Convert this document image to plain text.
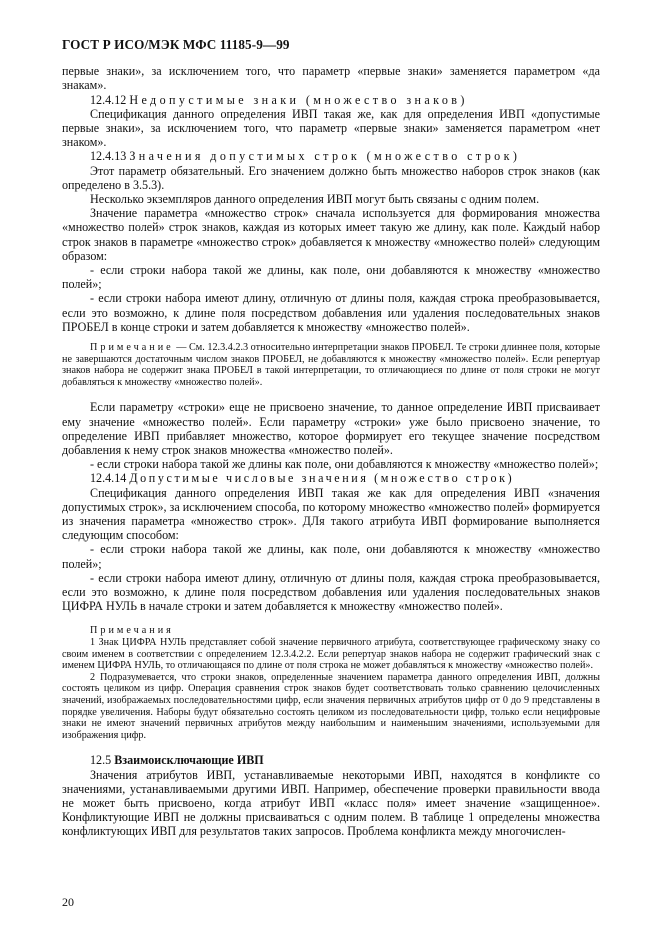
ГОСТ Р ИСО/МЭК МФС 11185-9—99

первые знаки», за исключением того, что параметр «первые знаки» заменяется параметром «да знакам».

12.4.12 Недопустимые знаки (множество знаков)

Спецификация данного определения ИВП такая же, как для определения ИВП «допустимые первые знаки», за исключением того, что параметр «первые знаки» заменяется параметром «нет знаком».

12.4.13 Значения допустимых строк (множество строк)

Этот параметр обязательный. Его значением должно быть множество наборов строк знаков (как определено в 3.5.3).

Несколько экземпляров данного определения ИВП могут быть связаны с одним полем.

Значение параметра «множество строк» сначала используется для формирования множества «множество полей» строк знаков, каждая из которых имеет такую же длину, как поле. Каждый набор строк знаков в параметре «множество строк» добавляется к множеству «множество полей» следующим образом:

- если строки набора такой же длины, как поле, они добавляются к множеству «множество полей»;

- если строки набора имеют длину, отличную от длины поля, каждая строка преобразовывается, если это возможно, к длине поля посредством добавления или удаления последовательных знаков ПРОБЕЛ в конце строки и затем добавляется к множеству «множество полей».

Примечание — См. 12.3.4.2.3 относительно интерпретации знаков ПРОБЕЛ. Те строки длиннее поля, которые не завершаются достаточным числом знаков ПРОБЕЛ, не добавляются к множеству «множество полей». Если репертуар знаков набора не содержит знака ПРОБЕЛ в такой интерпретации, то отличающиеся по длине от поля строки не могут добавляться к множеству «множество полей».

Если параметру «строки» еще не присвоено значение, то данное определение ИВП присваивает ему значение «множество полей». Если параметру «строки» уже было присвоено значение, то определение ИВП прибавляет множество, которое формирует его текущее значение посредством добавления к нему строк знаков множества «множество полей».

- если строки набора такой же длины как поле, они добавляются к множеству «множество полей»;

12.4.14 Допустимые числовые значения (множество строк)

Спецификация данного определения ИВП такая же как для определения ИВП «значения допустимых строк», за исключением способа, по которому множество «множество полей» формируется из значения параметра «множество строк». ДЛя такого атрибута ИВП формирование выполняется следующим способом:

- если строки набора такой же длины, как поле, они добавляются к множеству «множество полей»;

- если строки набора имеют длину, отличную от длины поля, каждая строка преобразовывается, если это возможно, к длине поля посредством добавления или удаления последовательных знаков ЦИФРА НУЛЬ в начале строки и затем добавляется к множеству «множество полей».

Примечания

1 Знак ЦИФРА НУЛЬ представляет собой значение первичного атрибута, соответствующее графическому знаку со своим именем в соответствии с определением 12.3.4.2.2. Если репертуар знаков набора не содержит графический знак с именем ЦИФРА НУЛЬ, то отличающаяся по длине от поля строка не может добавляться к множеству «множество полей».

2 Подразумевается, что строки знаков, определенные значением параметра данного определения ИВП, должны состоять целиком из цифр. Операция сравнения строк знаков будет соответствовать только сравнению целочисленных значений, изображаемых последовательностями цифр, если значения первичных атрибутов цифр от 0 до 9 представлены в порядке увеличения. Наборы будут обязательно состоять целиком из последовательности цифр, только если нецифровые знаки не имеют значений первичных атрибутов между наибольшим и наименьшим значениями, используемыми для изображения цифр.

12.5 Взаимоисключающие ИВП

Значения атрибутов ИВП, устанавливаемые некоторыми ИВП, находятся в конфликте со значениями, устанавливаемыми другими ИВП. Например, обеспечение проверки правильности ввода не может быть присвоено, когда атрибут ИВП «класс поля» имеет значение «защищенное». Конфликтующие ИВП не должны присваиваться с одним полем. В таблице 1 определены множества конфликтующих ИВП для результатов таких запросов. Проблема конфликта между многочислен-

20
